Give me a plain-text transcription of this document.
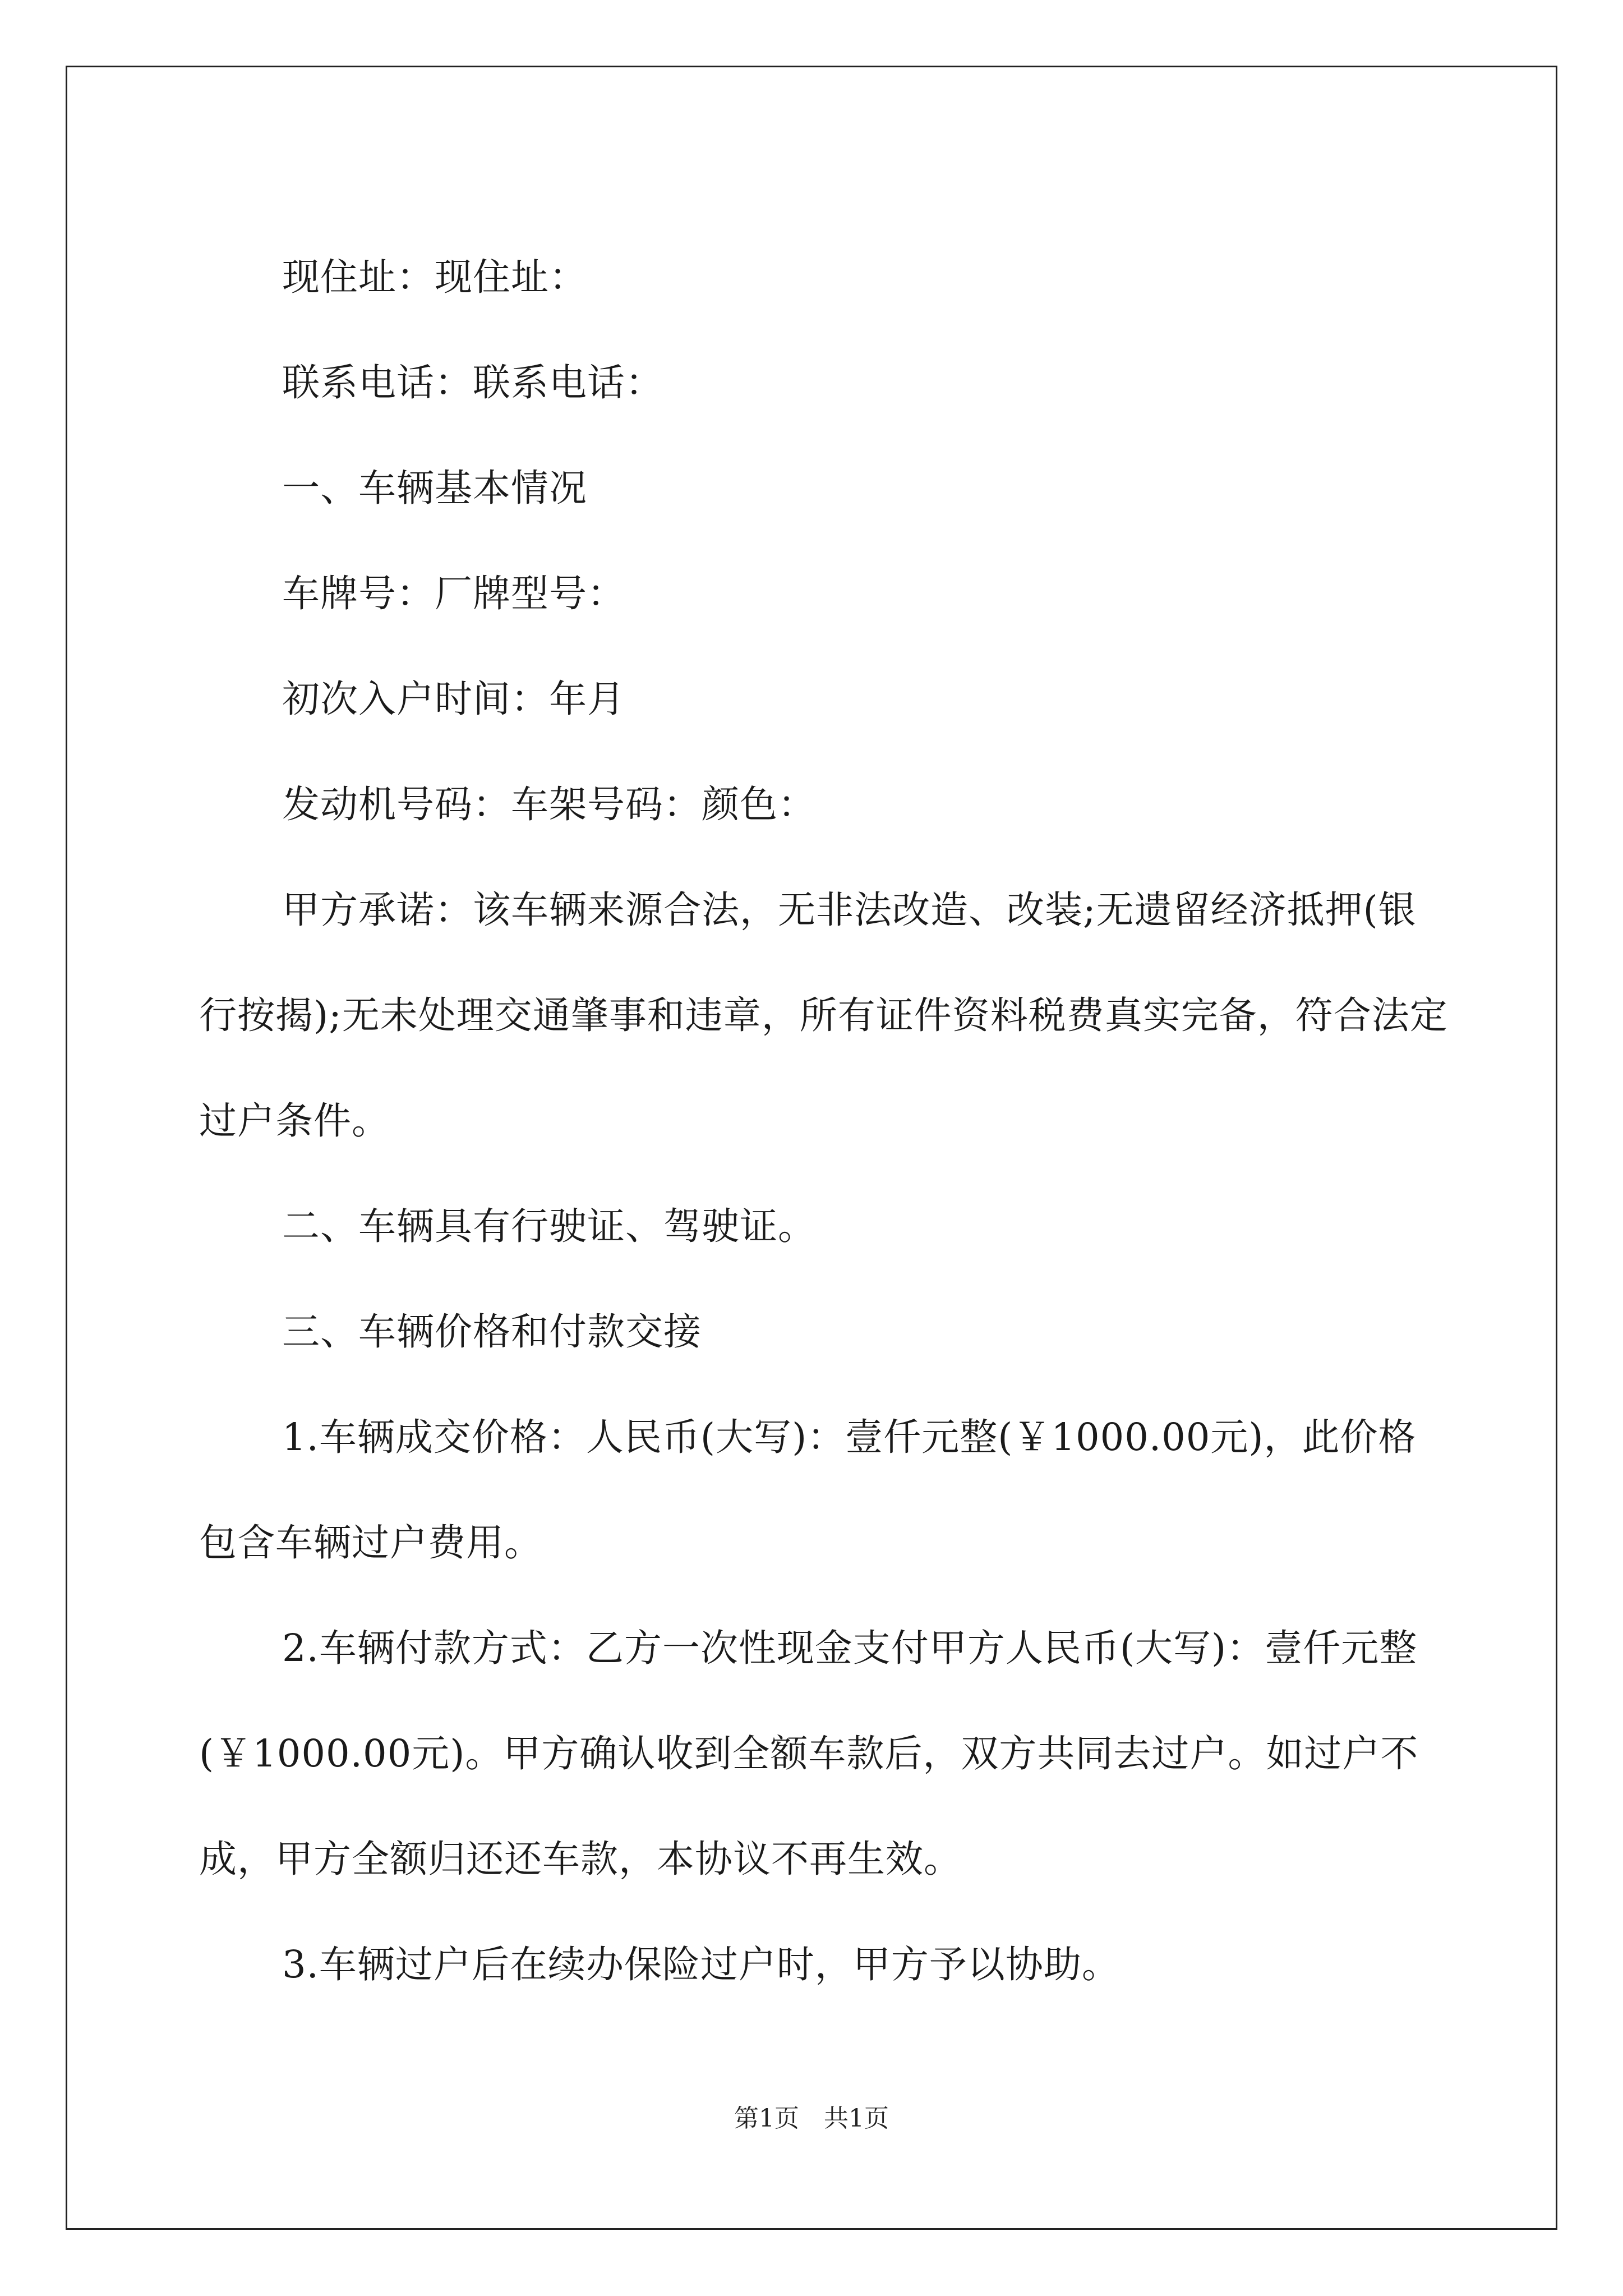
现住址：现住址：

联系电话：联系电话：

一、车辆基本情况

车牌号：厂牌型号：

初次入户时间：年月

发动机号码：车架号码：颜色：

甲方承诺：该车辆来源合法，无非法改造、改装;无遗留经济抵押(银行按揭);无未处理交通肇事和违章，所有证件资料税费真实完备，符合法定过户条件。

二、车辆具有行驶证、驾驶证。

三、车辆价格和付款交接

1.车辆成交价格：人民币(大写)：壹仟元整(￥1000.00元)，此价格包含车辆过户费用。

2.车辆付款方式：乙方一次性现金支付甲方人民币(大写)：壹仟元整(￥1000.00元)。甲方确认收到全额车款后，双方共同去过户。如过户不成，甲方全额归还还车款，本协议不再生效。

3.车辆过户后在续办保险过户时，甲方予以协助。

第1页　共1页
